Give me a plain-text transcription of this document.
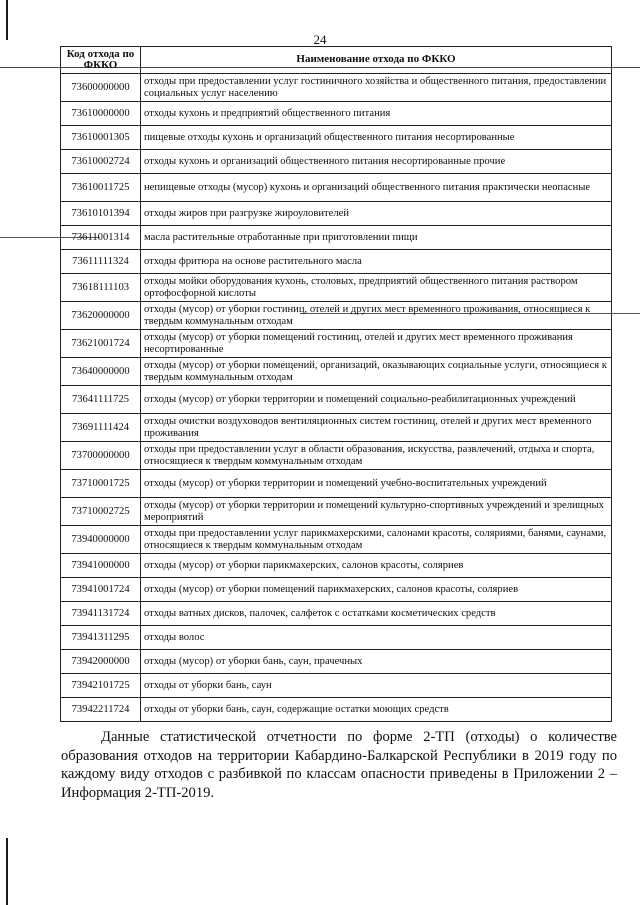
24
Код отхода по ФККО	Наименование отхода по ФККО
73600000000	отходы при предоставлении услуг гостиничного хозяйства и общественного питания, предоставлении социальных услуг населению
73610000000	отходы кухонь и предприятий общественного питания
73610001305	пищевые отходы кухонь и организаций общественного питания несортированные
73610002724	отходы кухонь и организаций общественного питания несортированные прочие
73610011725	непищевые отходы (мусор) кухонь и организаций общественного питания практически неопасные
73610101394	отходы жиров при разгрузке жироуловителей
73611001314	масла растительные отработанные при приготовлении пищи
73611111324	отходы фритюра на основе растительного масла
73618111103	отходы мойки оборудования кухонь, столовых, предприятий общественного питания раствором ортофосфорной кислоты
73620000000	отходы (мусор) от уборки гостиниц, отелей и других мест временного проживания, относящиеся к твердым коммунальным отходам
73621001724	отходы (мусор) от уборки помещений гостиниц, отелей и других мест временного проживания несортированные
73640000000	отходы (мусор) от уборки помещений, организаций, оказывающих социальные услуги, относящиеся к твердым коммунальным отходам
73641111725	отходы (мусор) от уборки территории и помещений социально-реабилитационных учреждений
73691111424	отходы очистки воздуховодов вентиляционных систем гостиниц, отелей и других мест временного проживания
73700000000	отходы при предоставлении услуг в области образования, искусства, развлечений, отдыха и спорта, относящиеся к твердым коммунальным отходам
73710001725	отходы (мусор) от уборки территории и помещений учебно-воспитательных учреждений
73710002725	отходы (мусор) от уборки территории и помещений культурно-спортивных учреждений и зрелищных мероприятий
73940000000	отходы при предоставлении услуг парикмахерскими, салонами красоты, соляриями, банями, саунами, относящиеся к твердым коммунальным отходам
73941000000	отходы (мусор) от уборки парикмахерских, салонов красоты, соляриев
73941001724	отходы (мусор) от уборки помещений парикмахерских, салонов красоты, соляриев
73941131724	отходы ватных дисков, палочек, салфеток с остатками косметических средств
73941311295	отходы волос
73942000000	отходы (мусор) от уборки бань, саун, прачечных
73942101725	отходы от уборки бань, саун
73942211724	отходы от уборки бань, саун, содержащие остатки моющих средств

Данные статистической отчетности по форме 2-ТП (отходы) о количестве образования отходов на территории Кабардино-Балкарской Республики в 2019 году по каждому виду отходов с разбивкой по классам опасности приведены в Приложении 2 – Информация 2-ТП-2019.
